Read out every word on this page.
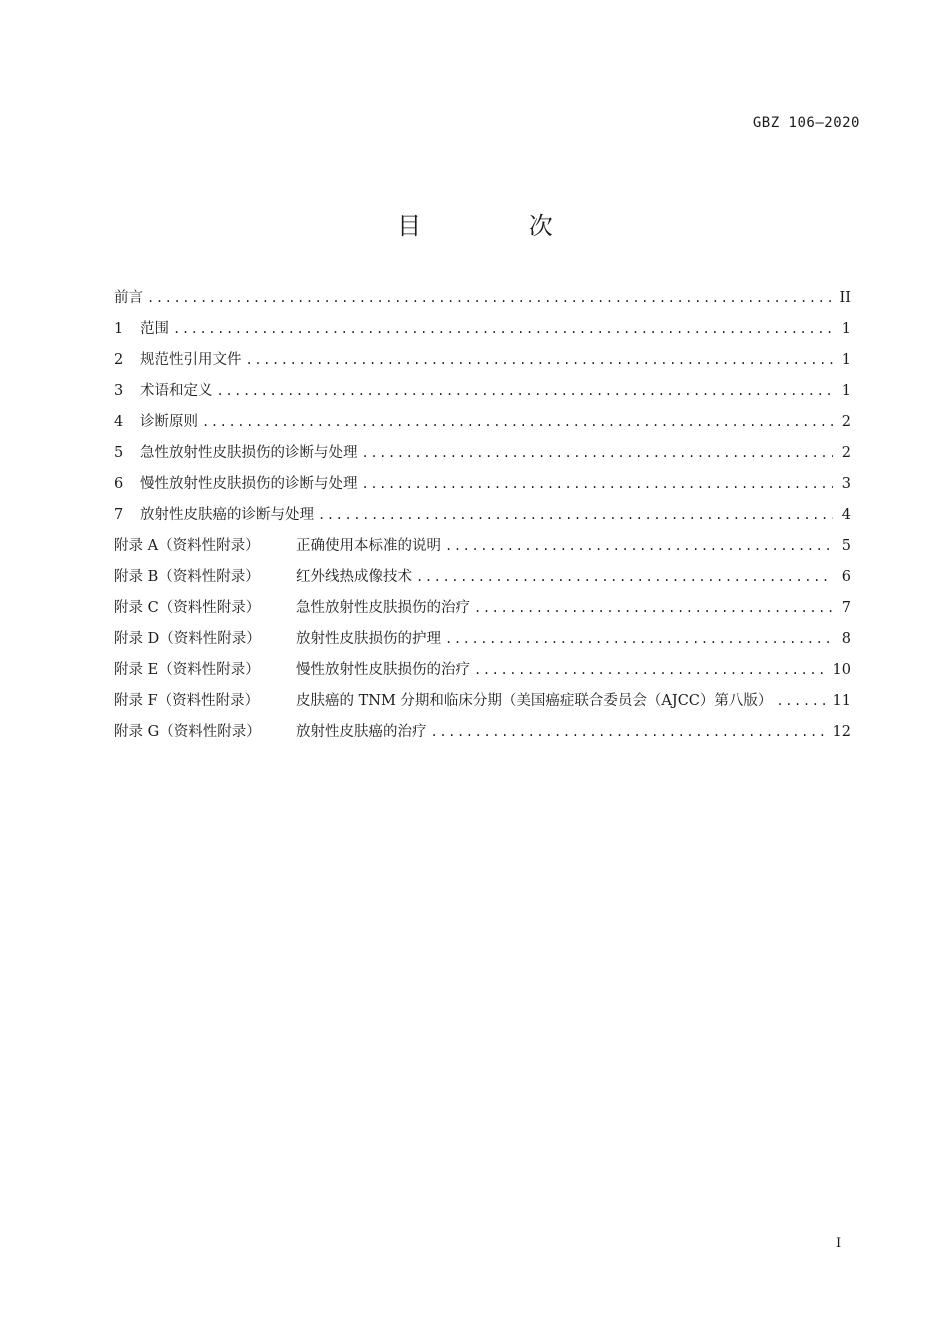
GBZ 106—2020
目 次
前言 .....	II
1	范围 .....	1
2	规范性引用文件 .....	1
3	术语和定义 .....	1
4	诊断原则 .....	2
5	急性放射性皮肤损伤的诊断与处理 .....	2
6	慢性放射性皮肤损伤的诊断与处理 .....	3
7	放射性皮肤癌的诊断与处理 .....	4
附录 A（资料性附录）	正确使用本标准的说明 .....	5
附录 B（资料性附录）	红外线热成像技术 .....	6
附录 C（资料性附录）	急性放射性皮肤损伤的治疗 .....	7
附录 D（资料性附录）	放射性皮肤损伤的护理 .....	8
附录 E（资料性附录）	慢性放射性皮肤损伤的治疗 .....	10
附录 F（资料性附录）	皮肤癌的 TNM 分期和临床分期（美国癌症联合委员会（AJCC）第八版） .....	11
附录 G（资料性附录）	放射性皮肤癌的治疗 .....	12
I
